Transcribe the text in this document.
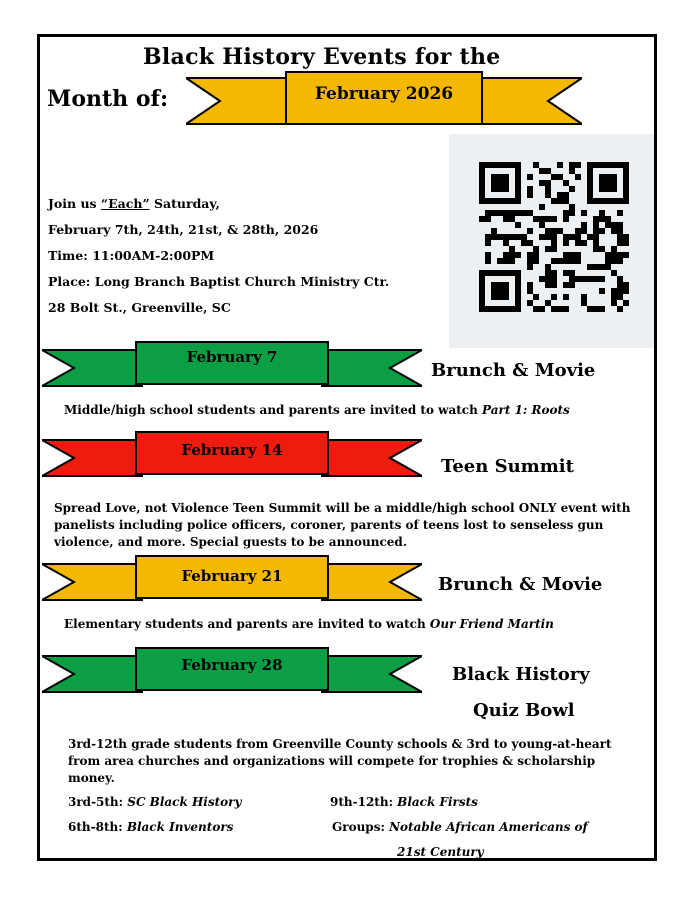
Black History Events for the
Month of:	February 2026
Join us “Each” Saturday,
February 7th, 24th, 21st, & 28th, 2026
Time: 11:00AM-2:00PM
Place: Long Branch Baptist Church Ministry Ctr.
28 Bolt St., Greenville, SC
February 7
Brunch & Movie
Middle/high school students and parents are invited to watch Part 1: Roots
February 14
Teen Summit
Spread Love, not Violence Teen Summit will be a middle/high school ONLY event with panelists including police officers, coroner, parents of teens lost to senseless gun violence, and more. Special guests to be announced.
February 21	Brunch & Movie
Elementary students and parents are invited to watch Our Friend Martin
February 28	Black History
Quiz Bowl
3rd-12th grade students from Greenville County schools & 3rd to young-at-heart from area churches and organizations will compete for trophies & scholarship money.
3rd-5th: SC Black History	9th-12th: Black Firsts
6th-8th: Black Inventors	Groups: Notable African Americans of
21st Century
